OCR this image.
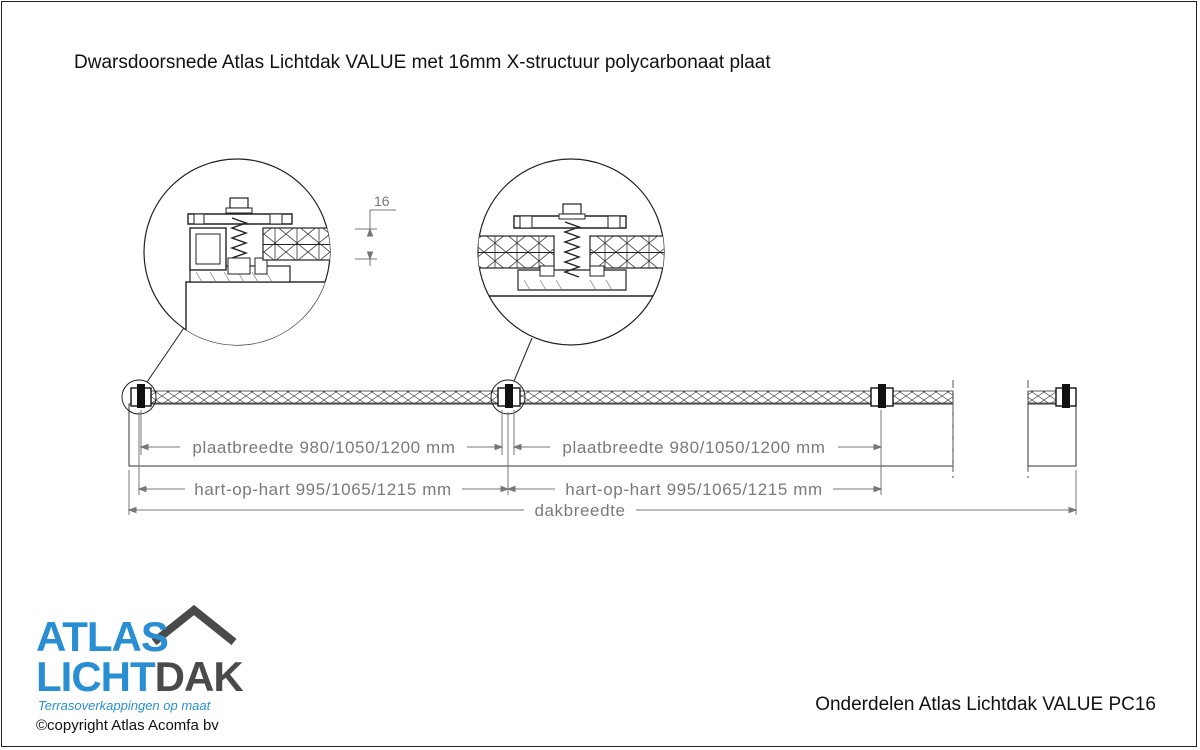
Dwarsdoorsnede Atlas Lichtdak VALUE met 16mm X-structuur polycarbonaat plaat
plaatbreedte 980/1050/1200 mm	plaatbreedte 980/1050/1200 mm
hart-op-hart 995/1065/1215 mm	hart-op-hart 995/1065/1215 mm
dakbreedte
16
ATLAS
LICHTDAK
Terrasoverkappingen op maat
©copyright Atlas Acomfa bv
Onderdelen Atlas Lichtdak VALUE PC16
